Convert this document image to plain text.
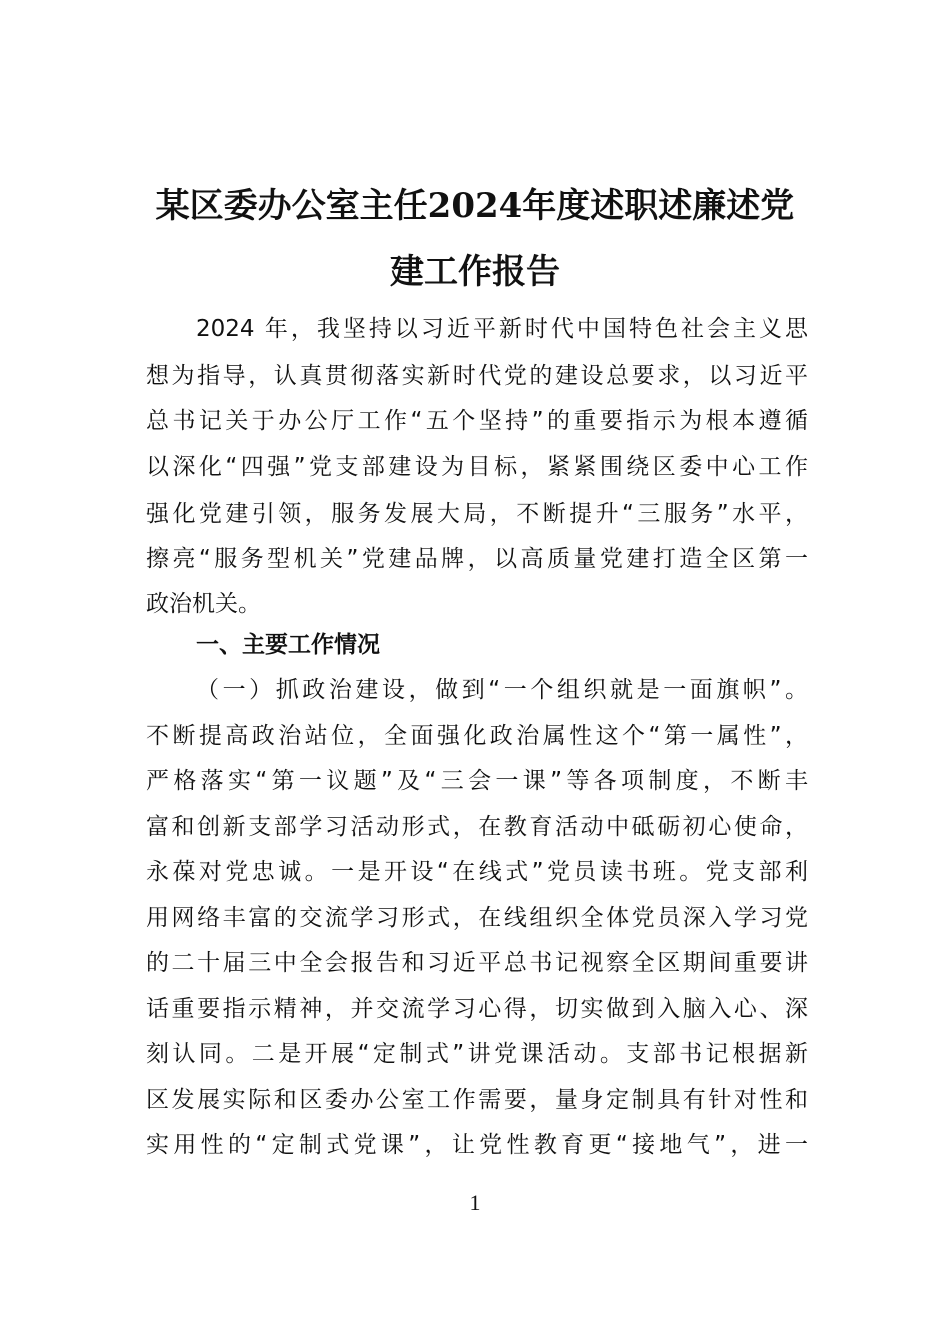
某区委办公室主任2024年度述职述廉述党
建工作报告
2024 年，我坚持以习近平新时代中国特色社会主义思
想为指导，认真贯彻落实新时代党的建设总要求，以习近平
总书记关于办公厅工作“五个坚持”的重要指示为根本遵循
以深化“四强”党支部建设为目标，紧紧围绕区委中心工作
强化党建引领，服务发展大局，不断提升“三服务”水平，
擦亮“服务型机关”党建品牌，以高质量党建打造全区第一
政治机关。
一、主要工作情况
（一）抓政治建设，做到“一个组织就是一面旗帜”。
不断提高政治站位，全面强化政治属性这个“第一属性”，
严格落实“第一议题”及“三会一课”等各项制度，不断丰
富和创新支部学习活动形式，在教育活动中砥砺初心使命，
永葆对党忠诚。一是开设“在线式”党员读书班。党支部利
用网络丰富的交流学习形式，在线组织全体党员深入学习党
的二十届三中全会报告和习近平总书记视察全区期间重要讲
话重要指示精神，并交流学习心得，切实做到入脑入心、深
刻认同。二是开展“定制式”讲党课活动。支部书记根据新
区发展实际和区委办公室工作需要，量身定制具有针对性和
实用性的“定制式党课”，让党性教育更“接地气”，进一
1
